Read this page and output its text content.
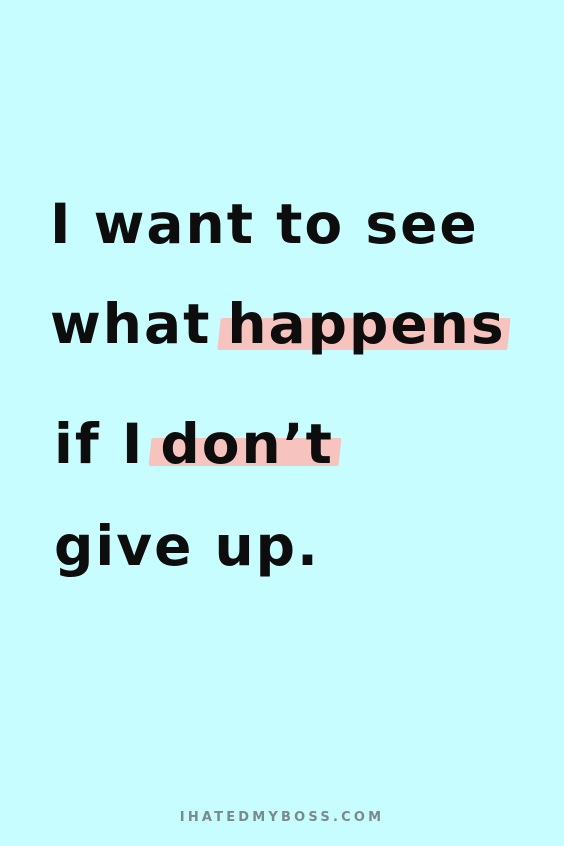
I want to see
what happens
if I don’t
give up.
IHATEDMYBOSS.COM
